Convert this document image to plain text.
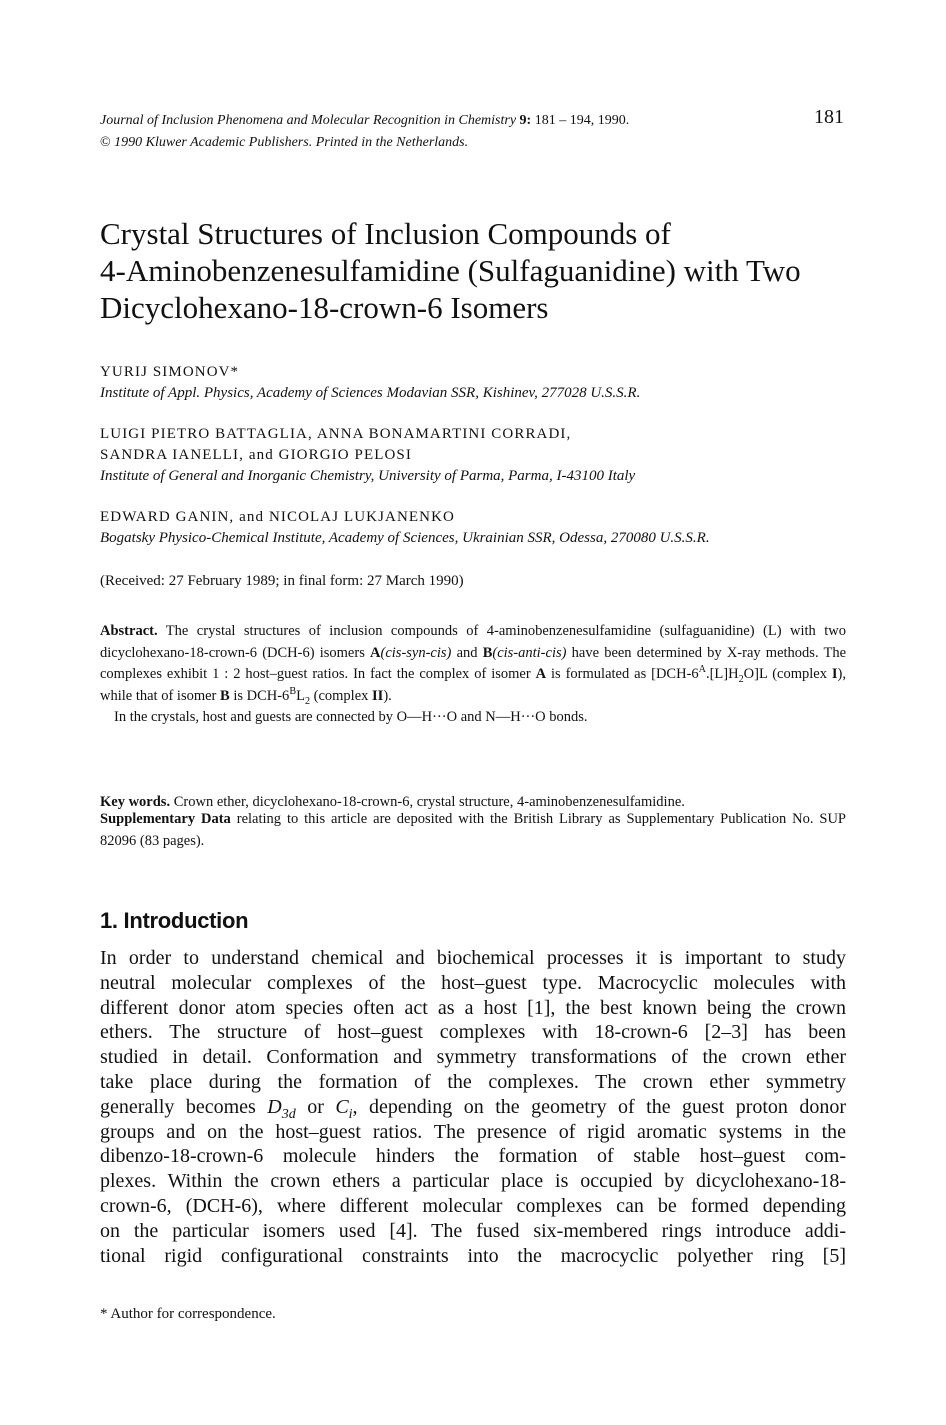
Journal of Inclusion Phenomena and Molecular Recognition in Chemistry 9: 181 – 194, 1990.
© 1990 Kluwer Academic Publishers. Printed in the Netherlands.
181
Crystal Structures of Inclusion Compounds of
4-Aminobenzenesulfamidine (Sulfaguanidine) with Two
Dicyclohexano-18-crown-6 Isomers
YURIJ SIMONOV*
Institute of Appl. Physics, Academy of Sciences Modavian SSR, Kishinev, 277028 U.S.S.R.
LUIGI PIETRO BATTAGLIA, ANNA BONAMARTINI CORRADI,
SANDRA IANELLI, and GIORGIO PELOSI
Institute of General and Inorganic Chemistry, University of Parma, Parma, I-43100 Italy
EDWARD GANIN, and NICOLAJ LUKJANENKO
Bogatsky Physico-Chemical Institute, Academy of Sciences, Ukrainian SSR, Odessa, 270080 U.S.S.R.
(Received: 27 February 1989; in final form: 27 March 1990)

Abstract. The crystal structures of inclusion compounds of 4-aminobenzenesulfamidine (sulfaguanidine) (L) with two dicyclohexano-18-crown-6 (DCH-6) isomers A(cis-syn-cis) and B(cis-anti-cis) have been determined by X-ray methods. The complexes exhibit 1 : 2 host–guest ratios. In fact the complex of isomer A is formulated as $[DCH-6^A.[L]H_2O]L$ (complex I), while that of isomer B is DCH-$6^BL_2$ (complex II).

In the crystals, host and guests are connected by O—H···O and N—H···O bonds.

Key words. Crown ether, dicyclohexano-18-crown-6, crystal structure, 4-aminobenzenesulfamidine.
Supplementary Data relating to this article are deposited with the British Library as Supplementary Publication No. SUP 82096 (83 pages).
1. Introduction
In order to understand chemical and biochemical processes it is important to study
neutral molecular complexes of the host–guest type. Macrocyclic molecules with
different donor atom species often act as a host [1], the best known being the crown
ethers. The structure of host–guest complexes with 18-crown-6 [2–3] has been
studied in detail. Conformation and symmetry transformations of the crown ether
take place during the formation of the complexes. The crown ether symmetry
generally becomes $D_{3d}$ or $C_i$, depending on the geometry of the guest proton donor
groups and on the host–guest ratios. The presence of rigid aromatic systems in the
dibenzo-18-crown-6 molecule hinders the formation of stable host–guest com-
plexes. Within the crown ethers a particular place is occupied by dicyclohexano-18-
crown-6, (DCH-6), where different molecular complexes can be formed depending
on the particular isomers used [4]. The fused six-membered rings introduce addi-
tional rigid configurational constraints into the macrocyclic polyether ring [5]
* Author for correspondence.
